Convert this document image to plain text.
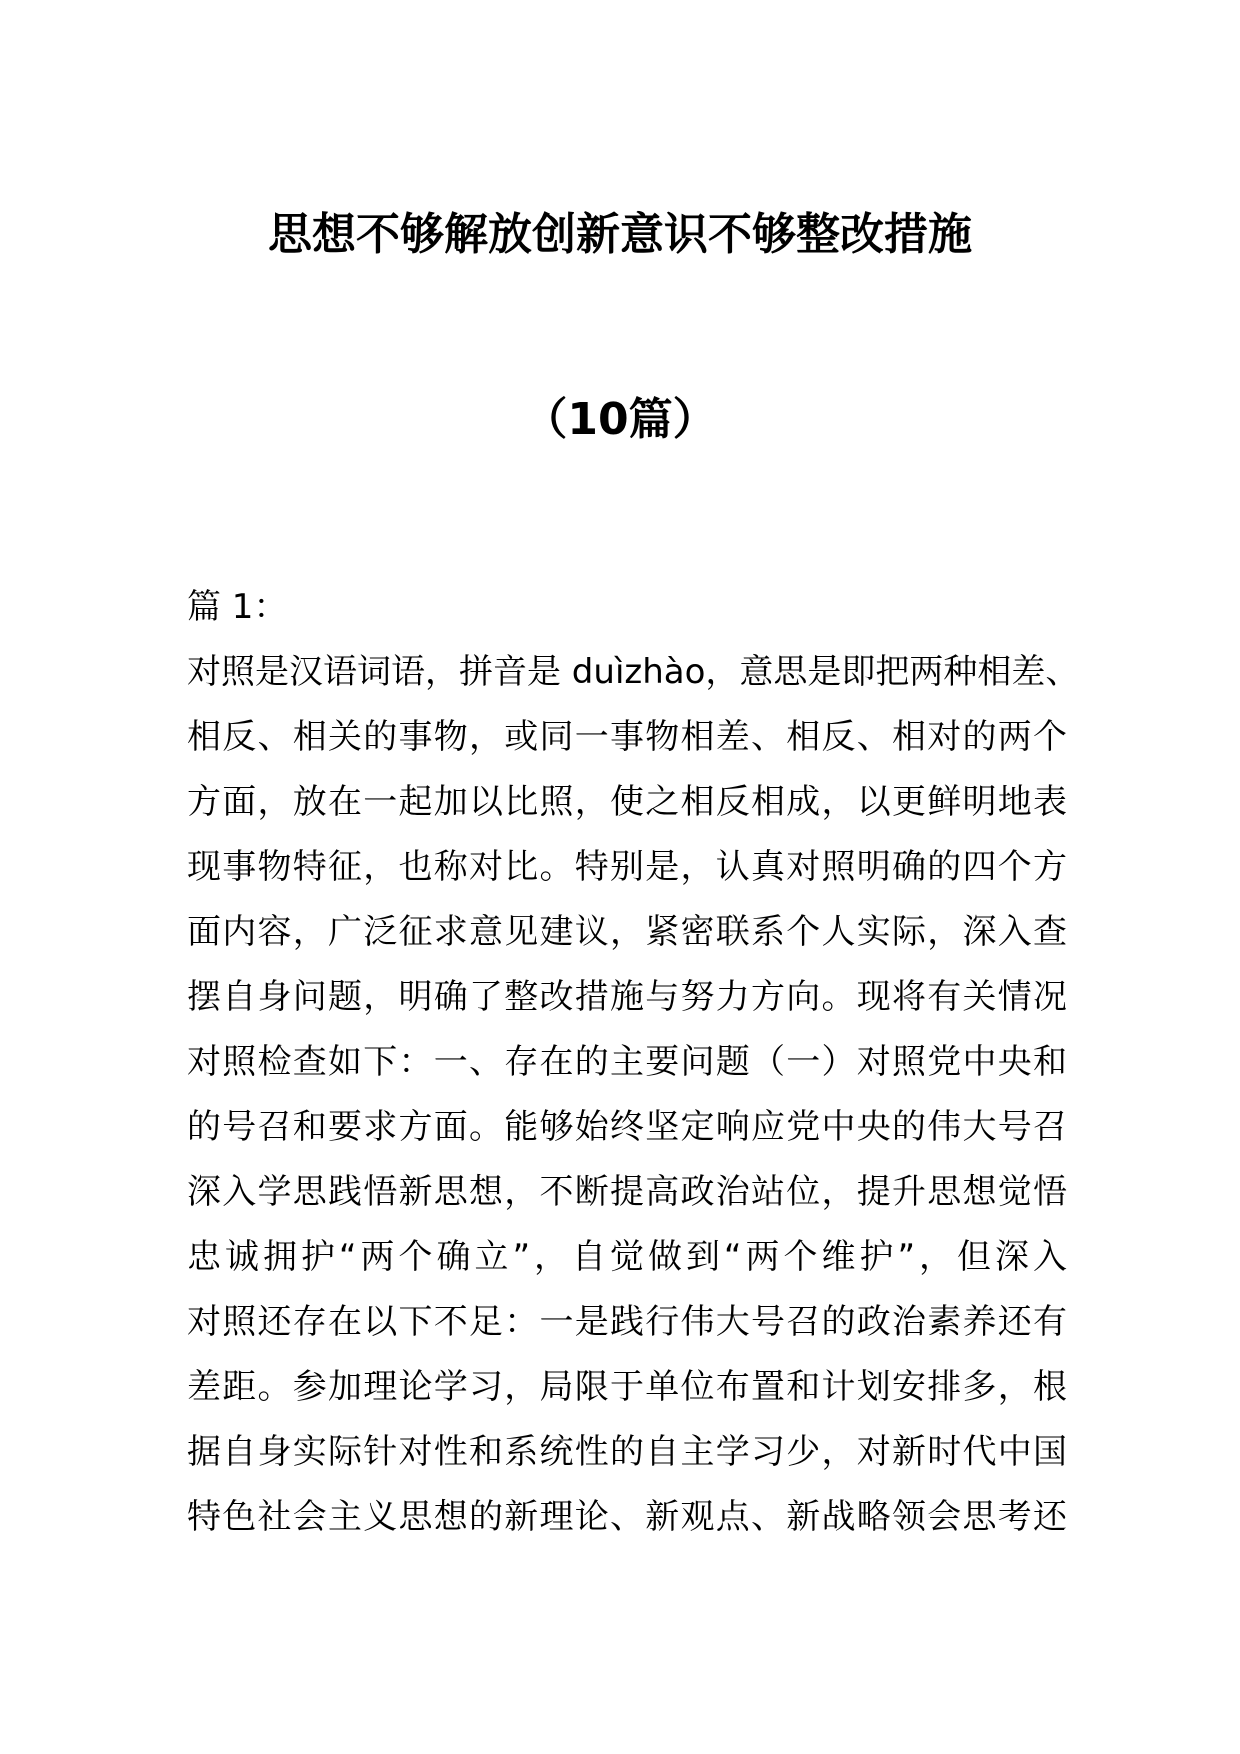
思想不够解放创新意识不够整改措施
（10篇）
篇 1：
对照是汉语词语，拼音是 duìzhào，意思是即把两种相差、
相反、相关的事物，或同一事物相差、相反、相对的两个
方面，放在一起加以比照，使之相反相成，以更鲜明地表
现事物特征，也称对比。特别是，认真对照明确的四个方
面内容，广泛征求意见建议，紧密联系个人实际，深入查
摆自身问题，明确了整改措施与努力方向。现将有关情况
对照检查如下：一、存在的主要问题（一）对照党中央和
的号召和要求方面。能够始终坚定响应党中央的伟大号召
深入学思践悟新思想，不断提高政治站位，提升思想觉悟
忠诚拥护“两个确立”，自觉做到“两个维护”，但深入
对照还存在以下不足：一是践行伟大号召的政治素养还有
差距。参加理论学习，局限于单位布置和计划安排多，根
据自身实际针对性和系统性的自主学习少，对新时代中国
特色社会主义思想的新理论、新观点、新战略领会思考还
